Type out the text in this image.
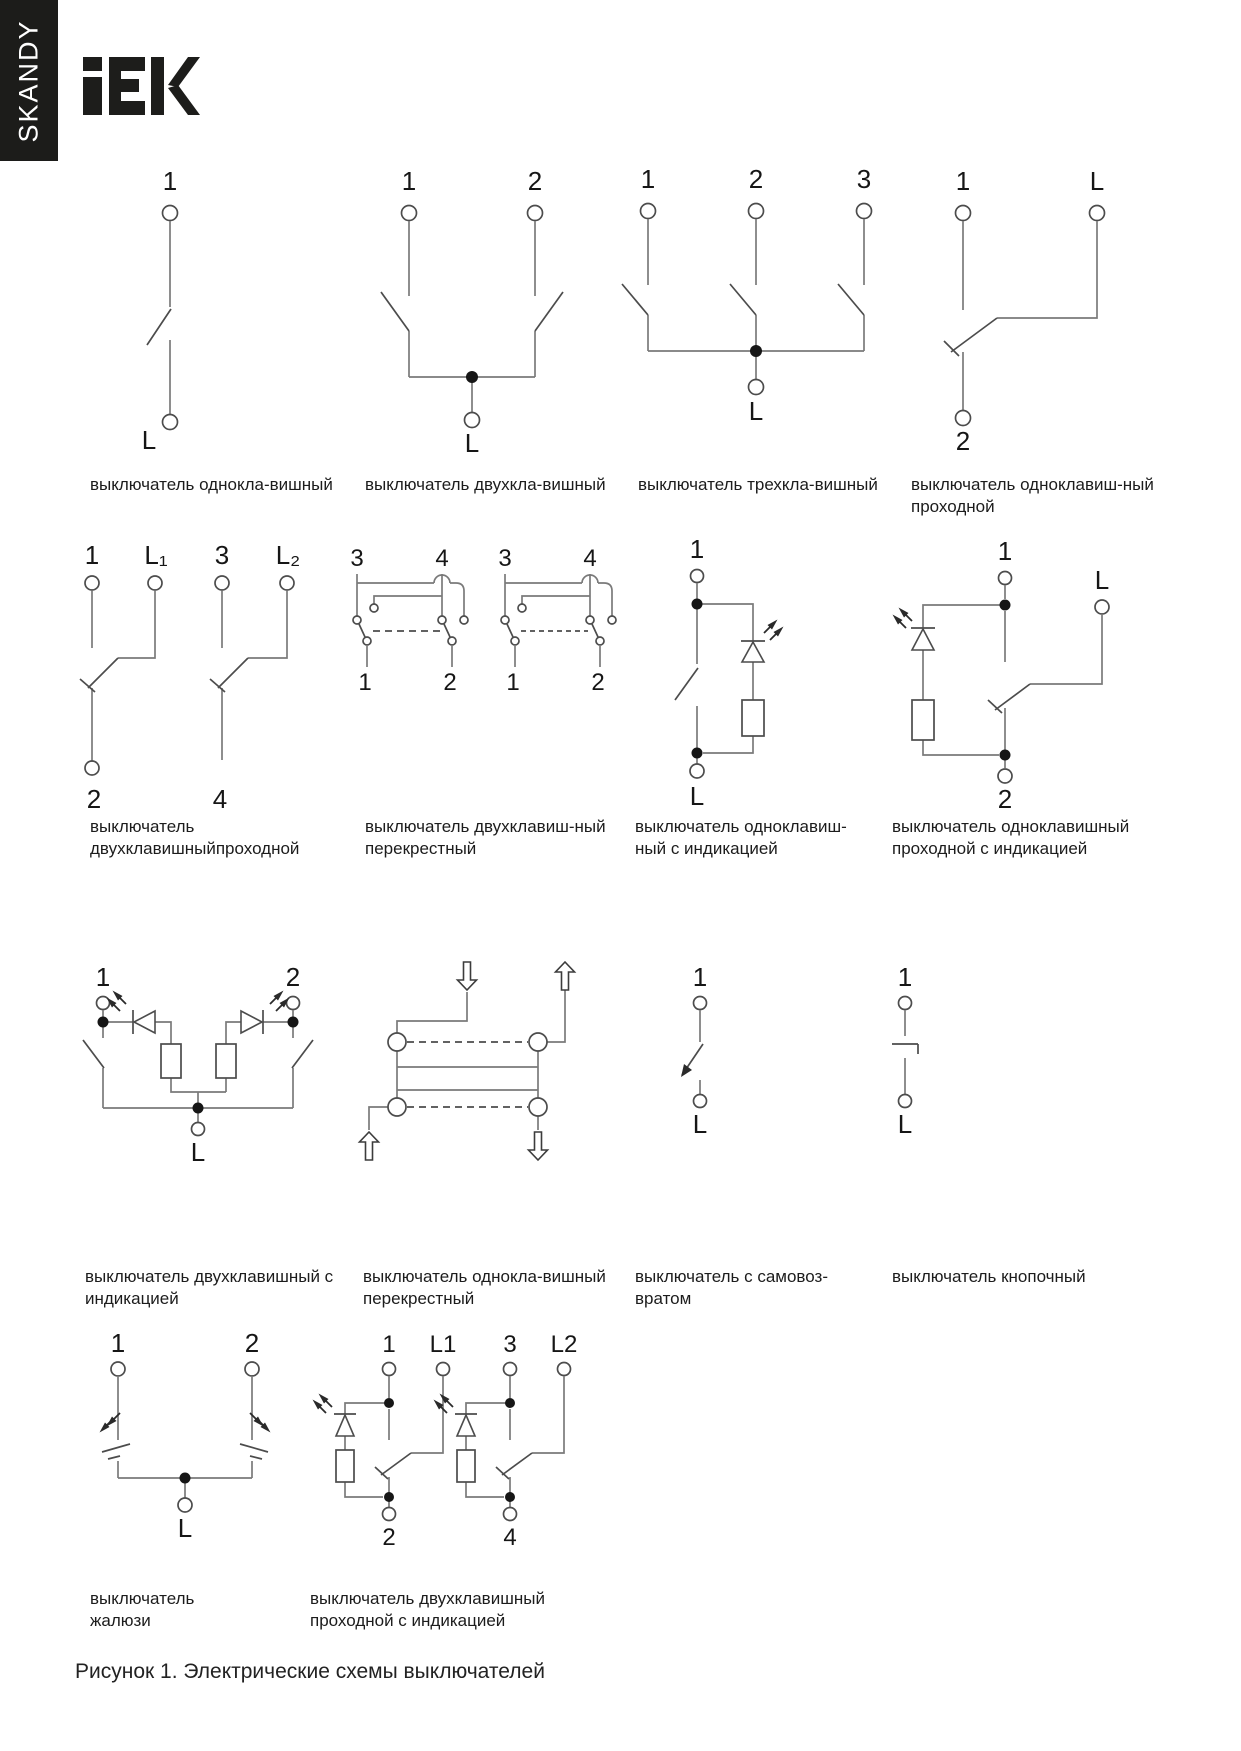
SKANDY
1
L
1	2
L
1	2	3
L
1	L
2
1 L₁ 3 L₂
2	4
3	4
1	2
3	4
1	2
1
L
1
L
2
1	2
L
1
L
1
L
1	2
L
1 L1 3 L2
2	4
выключатель однокла-вишный выключатель двухкла-вишный выключатель трехкла-вишный выключатель одноклавиш-ный
проходной
выключатель
двухклавишныйпроходной
выключатель двухклавиш-ный
перекрестный
выключатель одноклавиш-
ный с индикацией
выключатель одноклавишный
проходной с индикацией
выключатель двухклавишный с
индикацией
выключатель однокла-вишный
перекрестный
выключатель с самовоз-
вратом
выключатель кнопочный
выключатель
жалюзи
выключатель двухклавишный
проходной с индикацией
Рисунок 1. Электрические схемы выключателей
